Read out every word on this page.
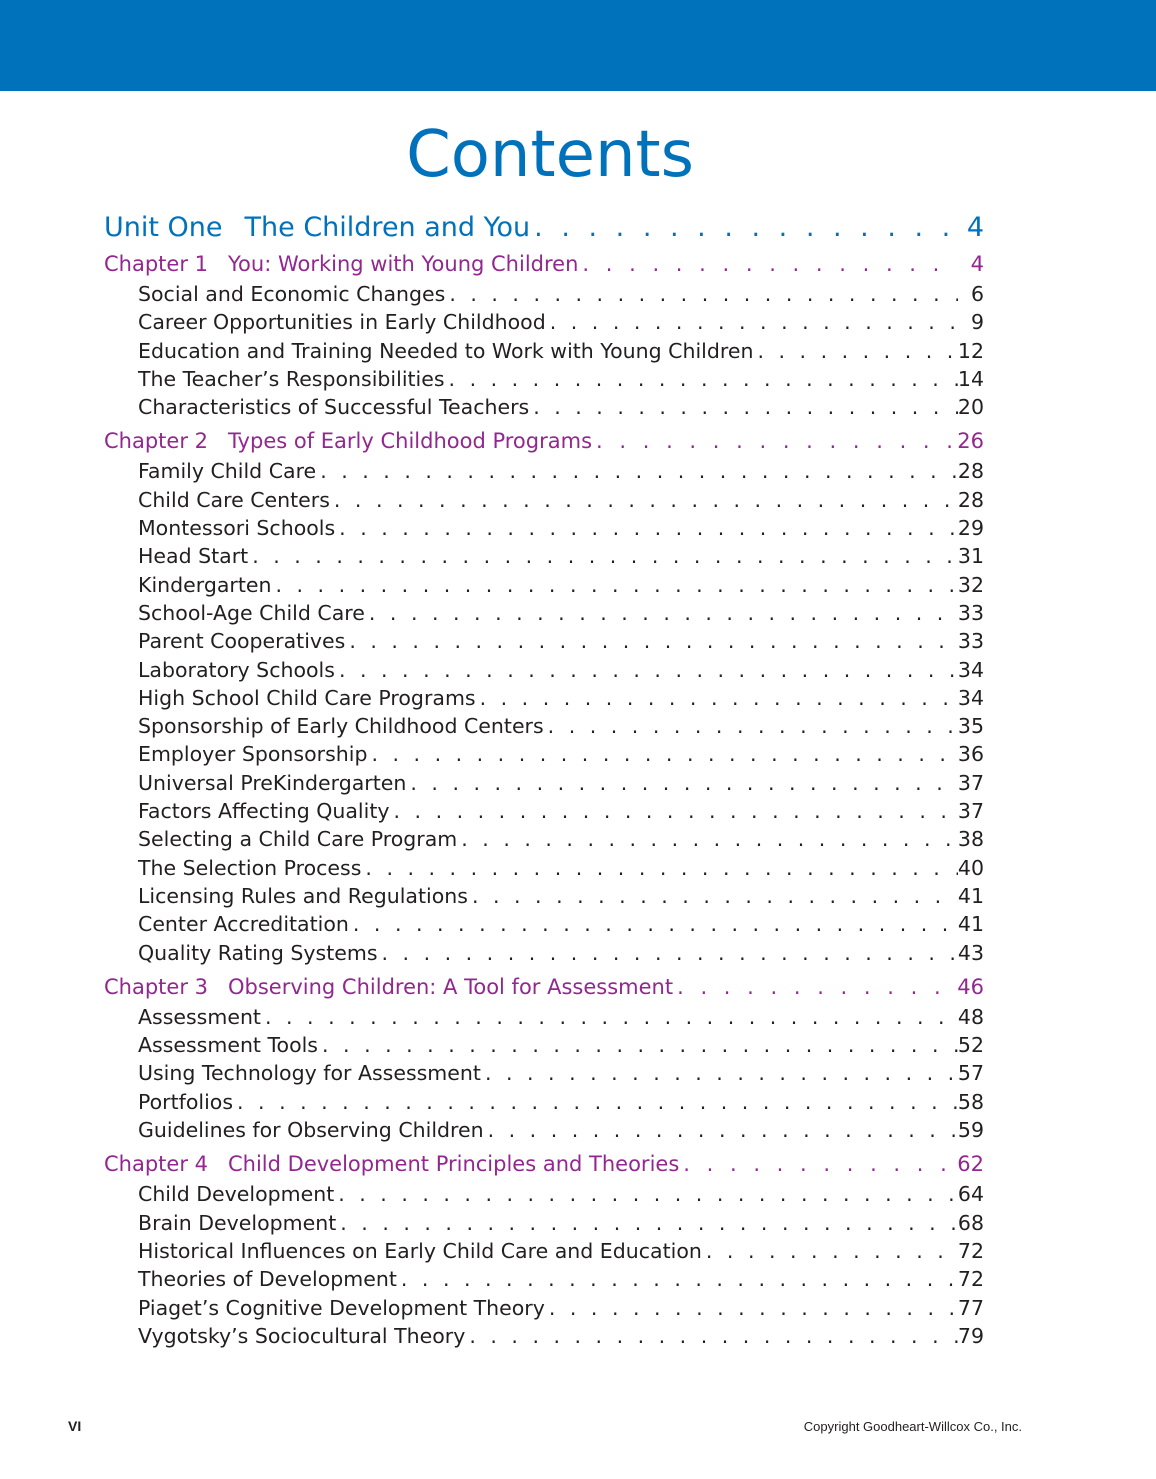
Contents
Unit One The Children and You . . .	4
Chapter 1 You: Working with Young Children . . .	4
Social and Economic Changes . . .	6
Career Opportunities in Early Childhood . . .	9
Education and Training Needed to Work with Young Children . . .	12
The Teacher’s Responsibilities . . .	14
Characteristics of Successful Teachers . . .	20
Chapter 2 Types of Early Childhood Programs . . .	26
Family Child Care . . .	28
Child Care Centers . . .	28
Montessori Schools . . .	29
Head Start . . .	31
Kindergarten . . .	32
School-Age Child Care . . .	33
Parent Cooperatives . . .	33
Laboratory Schools . . .	34
High School Child Care Programs . . .	34
Sponsorship of Early Childhood Centers . . .	35
Employer Sponsorship . . .	36
Universal PreKindergarten . . .	37
Factors Affecting Quality . . .	37
Selecting a Child Care Program . . .	38
The Selection Process . . .	40
Licensing Rules and Regulations . . .	41
Center Accreditation . . .	41
Quality Rating Systems . . .	43
Chapter 3 Observing Children: A Tool for Assessment . . .	46
Assessment . . .	48
Assessment Tools . . .	52
Using Technology for Assessment . . .	57
Portfolios . . .	58
Guidelines for Observing Children . . .	59
Chapter 4 Child Development Principles and Theories . . .	62
Child Development . . .	64
Brain Development . . .	68
Historical Influences on Early Child Care and Education . . .	72
Theories of Development . . .	72
Piaget’s Cognitive Development Theory . . .	77
Vygotsky’s Sociocultural Theory . . .	79
VI	Copyright Goodheart-Willcox Co., Inc.
